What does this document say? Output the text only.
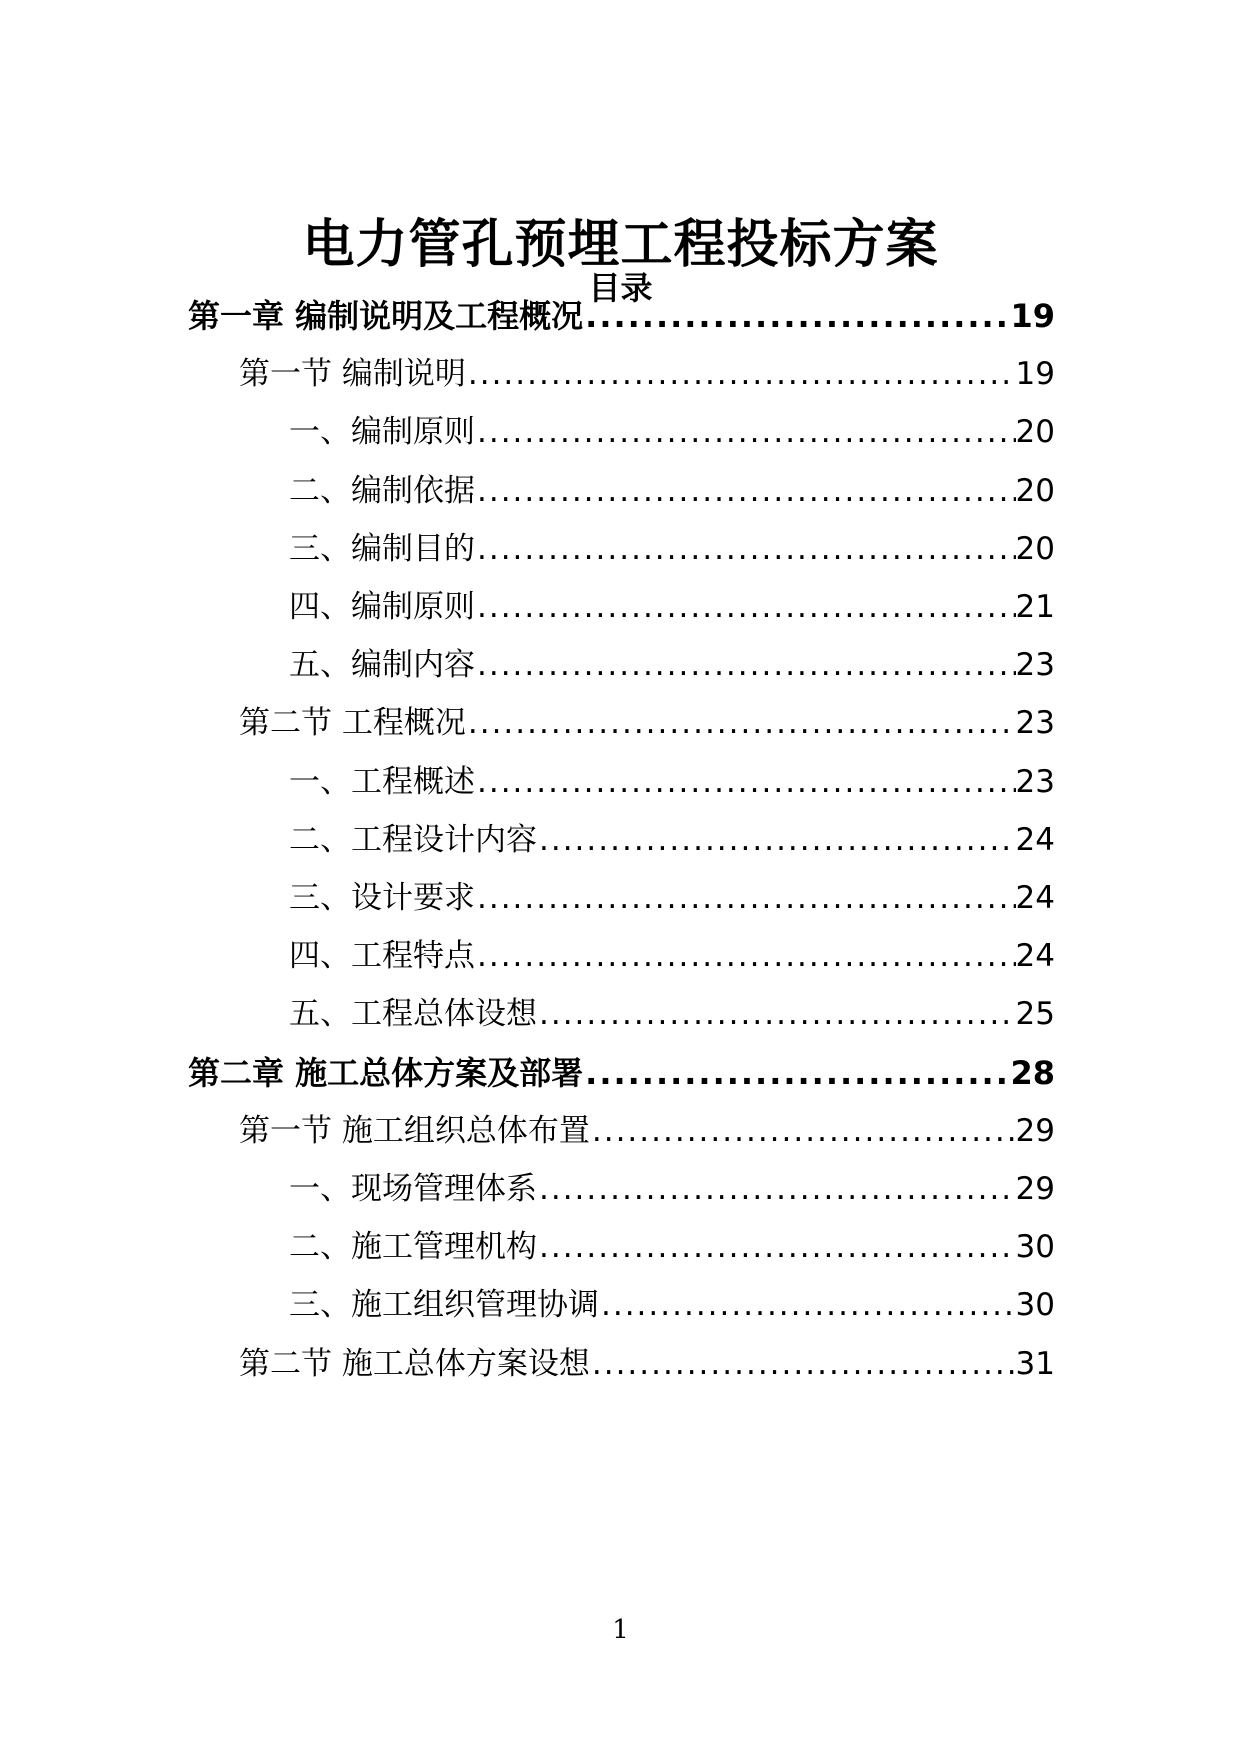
电力管孔预埋工程投标方案
目录
第一章 编制说明及工程概况 .....	19
第一节 编制说明 .....	19
一、编制原则 .....	20
二、编制依据 .....	20
三、编制目的 .....	20
四、编制原则 .....	21
五、编制内容 .....	23
第二节 工程概况 .....	23
一、工程概述 .....	23
二、工程设计内容 .....	24
三、设计要求 .....	24
四、工程特点 .....	24
五、工程总体设想 .....	25
第二章 施工总体方案及部署 .....	28
第一节 施工组织总体布置 .....	29
一、现场管理体系 .....	29
二、施工管理机构 .....	30
三、施工组织管理协调 .....	30
第二节 施工总体方案设想 .....	31
1
